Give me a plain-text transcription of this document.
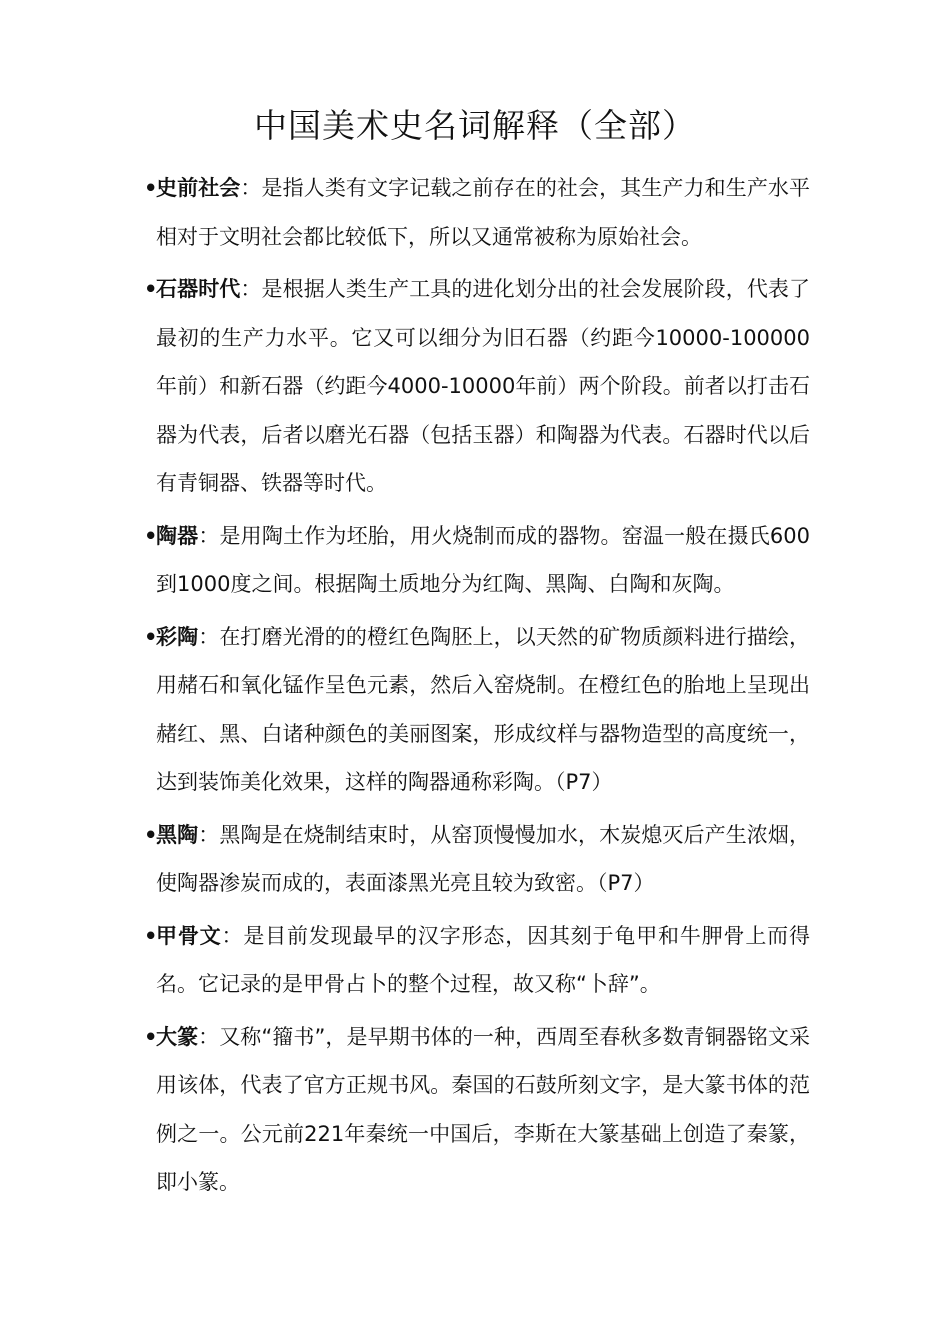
中国美术史名词解释（全部）
•
史前社会：是指人类有文字记载之前存在的社会，其生产力和生产水平相对于文明社会都比较低下，所以又通常被称为原始社会。
•
石器时代：是根据人类生产工具的进化划分出的社会发展阶段，代表了最初的生产力水平。它又可以细分为旧石器（约距今10000-100000年前）和新石器（约距今4000-10000年前）两个阶段。前者以打击石器为代表，后者以磨光石器（包括玉器）和陶器为代表。石器时代以后有青铜器、铁器等时代。
•
陶器：是用陶土作为坯胎，用火烧制而成的器物。窑温一般在摄氏600到1000度之间。根据陶土质地分为红陶、黑陶、白陶和灰陶。
•
彩陶：在打磨光滑的的橙红色陶胚上，以天然的矿物质颜料进行描绘，用赭石和氧化锰作呈色元素，然后入窑烧制。在橙红色的胎地上呈现出赭红、黑、白诸种颜色的美丽图案，形成纹样与器物造型的高度统一，达到装饰美化效果，这样的陶器通称彩陶。（P7）
•
黑陶：黑陶是在烧制结束时，从窑顶慢慢加水，木炭熄灭后产生浓烟，使陶器渗炭而成的，表面漆黑光亮且较为致密。（P7）
•
甲骨文：是目前发现最早的汉字形态，因其刻于龟甲和牛胛骨上而得名。它记录的是甲骨占卜的整个过程，故又称“卜辞”。
•
大篆：又称“籀书”，是早期书体的一种，西周至春秋多数青铜器铭文采用该体，代表了官方正规书风。秦国的石鼓所刻文字，是大篆书体的范例之一。公元前221年秦统一中国后，李斯在大篆基础上创造了秦篆，即小篆。
